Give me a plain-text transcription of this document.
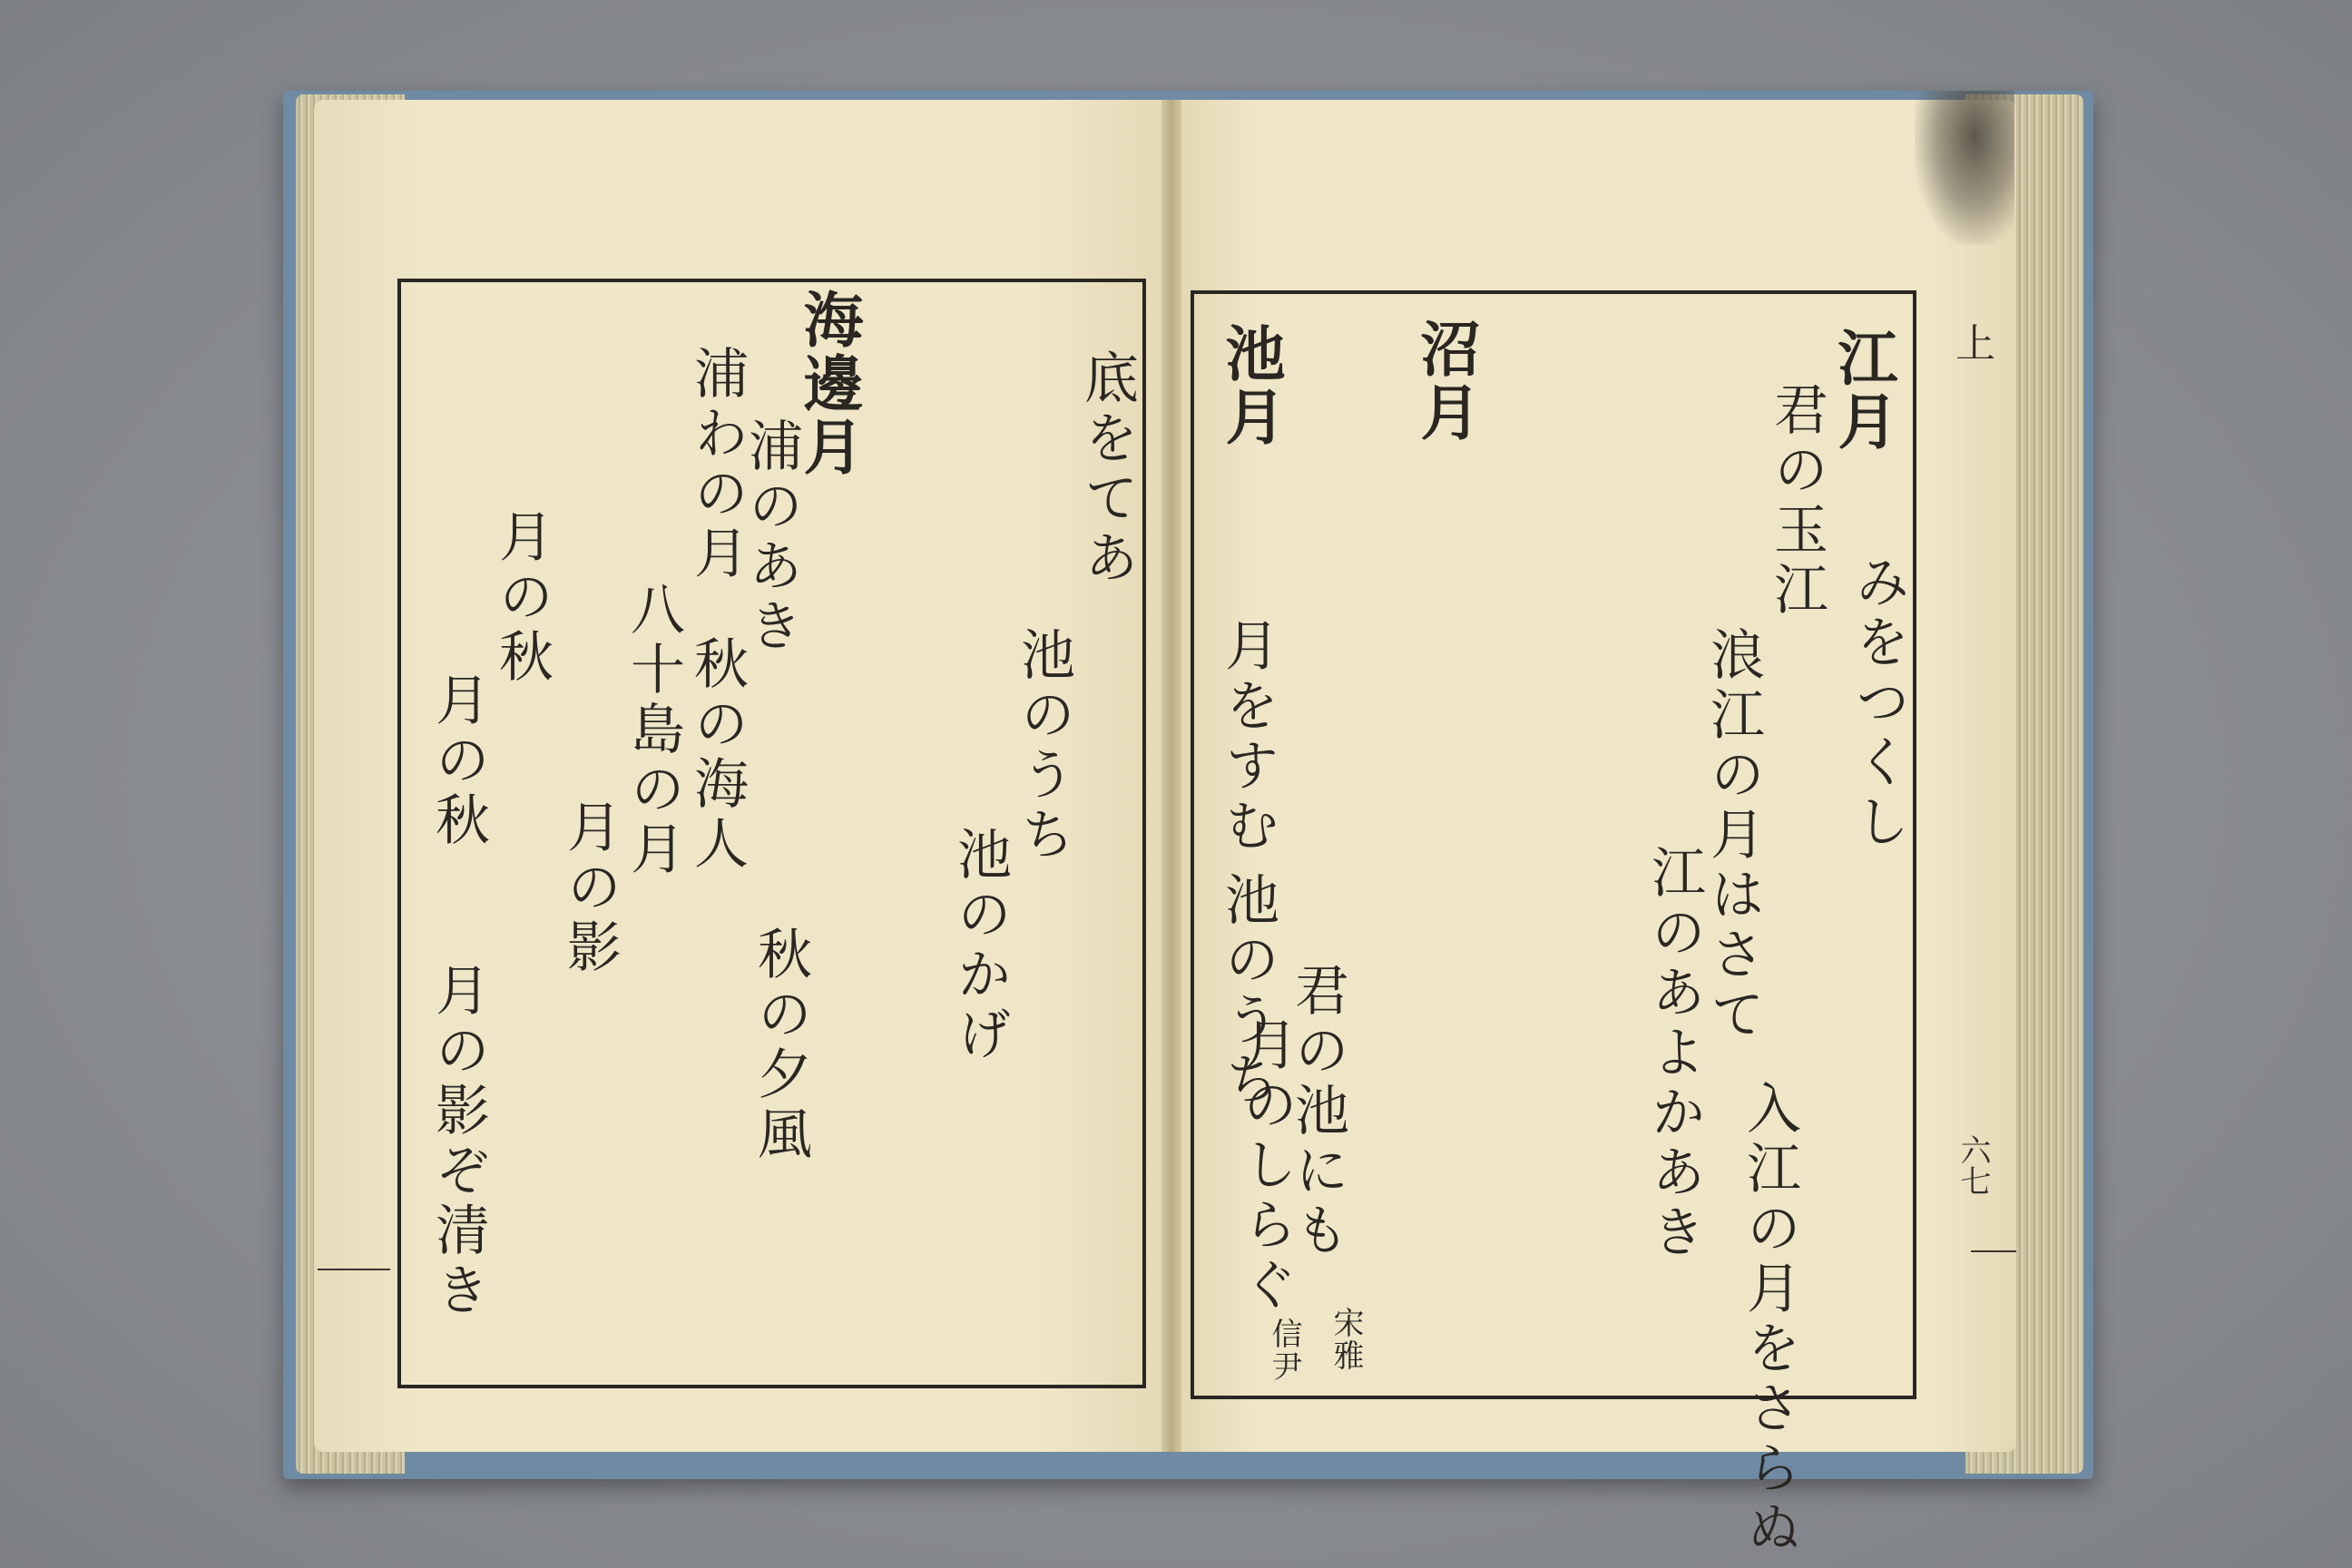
上
六七
江月
みをつくし
君の玉江
浪江の月はさて
江のあよかあき
入江の月をさらぬ
宋雅
信尹
沼月
池月
月をすむ
池のうち 君の池にも
月のしらぐ
底をてあ
池のうち
池のかげ
浦のあき
秋の海人
秋の夕風
海邊月
浦わの月
八十島の月
月の影
月の秋
月の影ぞ清き
月の秋
